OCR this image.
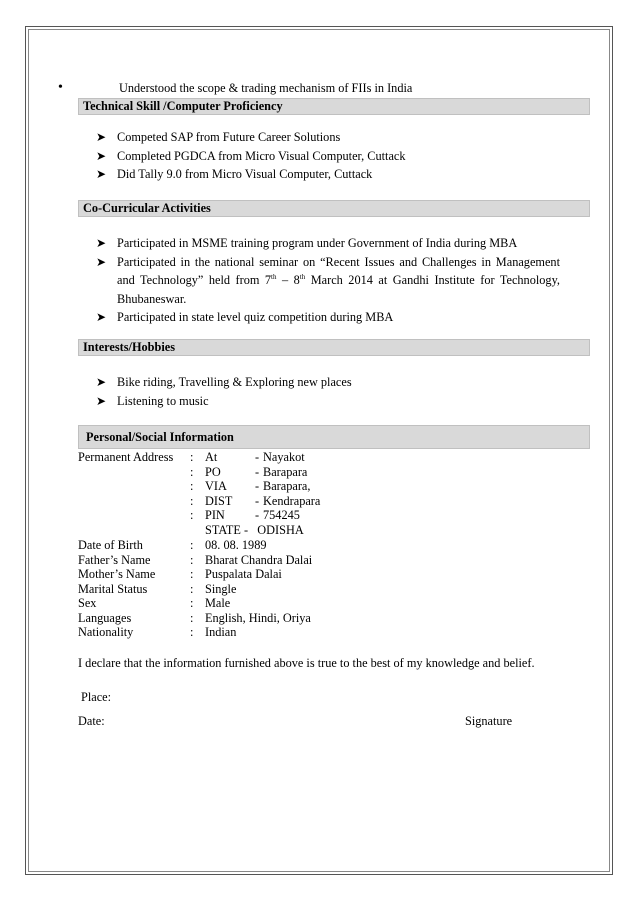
•	Understood the scope & trading mechanism of FIIs in India
Technical Skill /Computer Proficiency
➤ Competed SAP from Future Career Solutions
➤ Completed PGDCA from Micro Visual Computer, Cuttack
➤ Did Tally 9.0 from Micro Visual Computer, Cuttack
Co-Curricular Activities
➤ Participated in MSME training program under Government of India during MBA
➤ Participated in the national seminar on “Recent Issues and Challenges in Management and Technology” held from 7th – 8th March 2014 at Gandhi Institute for Technology, Bhubaneswar.
➤ Participated in state level quiz competition during MBA
Interests/Hobbies
➤ Bike riding, Travelling & Exploring new places
➤ Listening to music
Personal/Social Information
Permanent Address : At	- Nayakot
: PO	- Barapara
: VIA - Barapara,
: DIST - Kendrapara
: PIN - 754245
STATE -   ODISHA
Date of Birth	: 08. 08. 1989
Father’s Name	: Bharat Chandra Dalai
Mother’s Name	: Puspalata Dalai
Marital Status	: Single
Sex	: Male
Languages	: English, Hindi, Oriya
Nationality	: Indian
I declare that the information furnished above is true to the best of my knowledge and belief.
Place:
Date:	Signature
